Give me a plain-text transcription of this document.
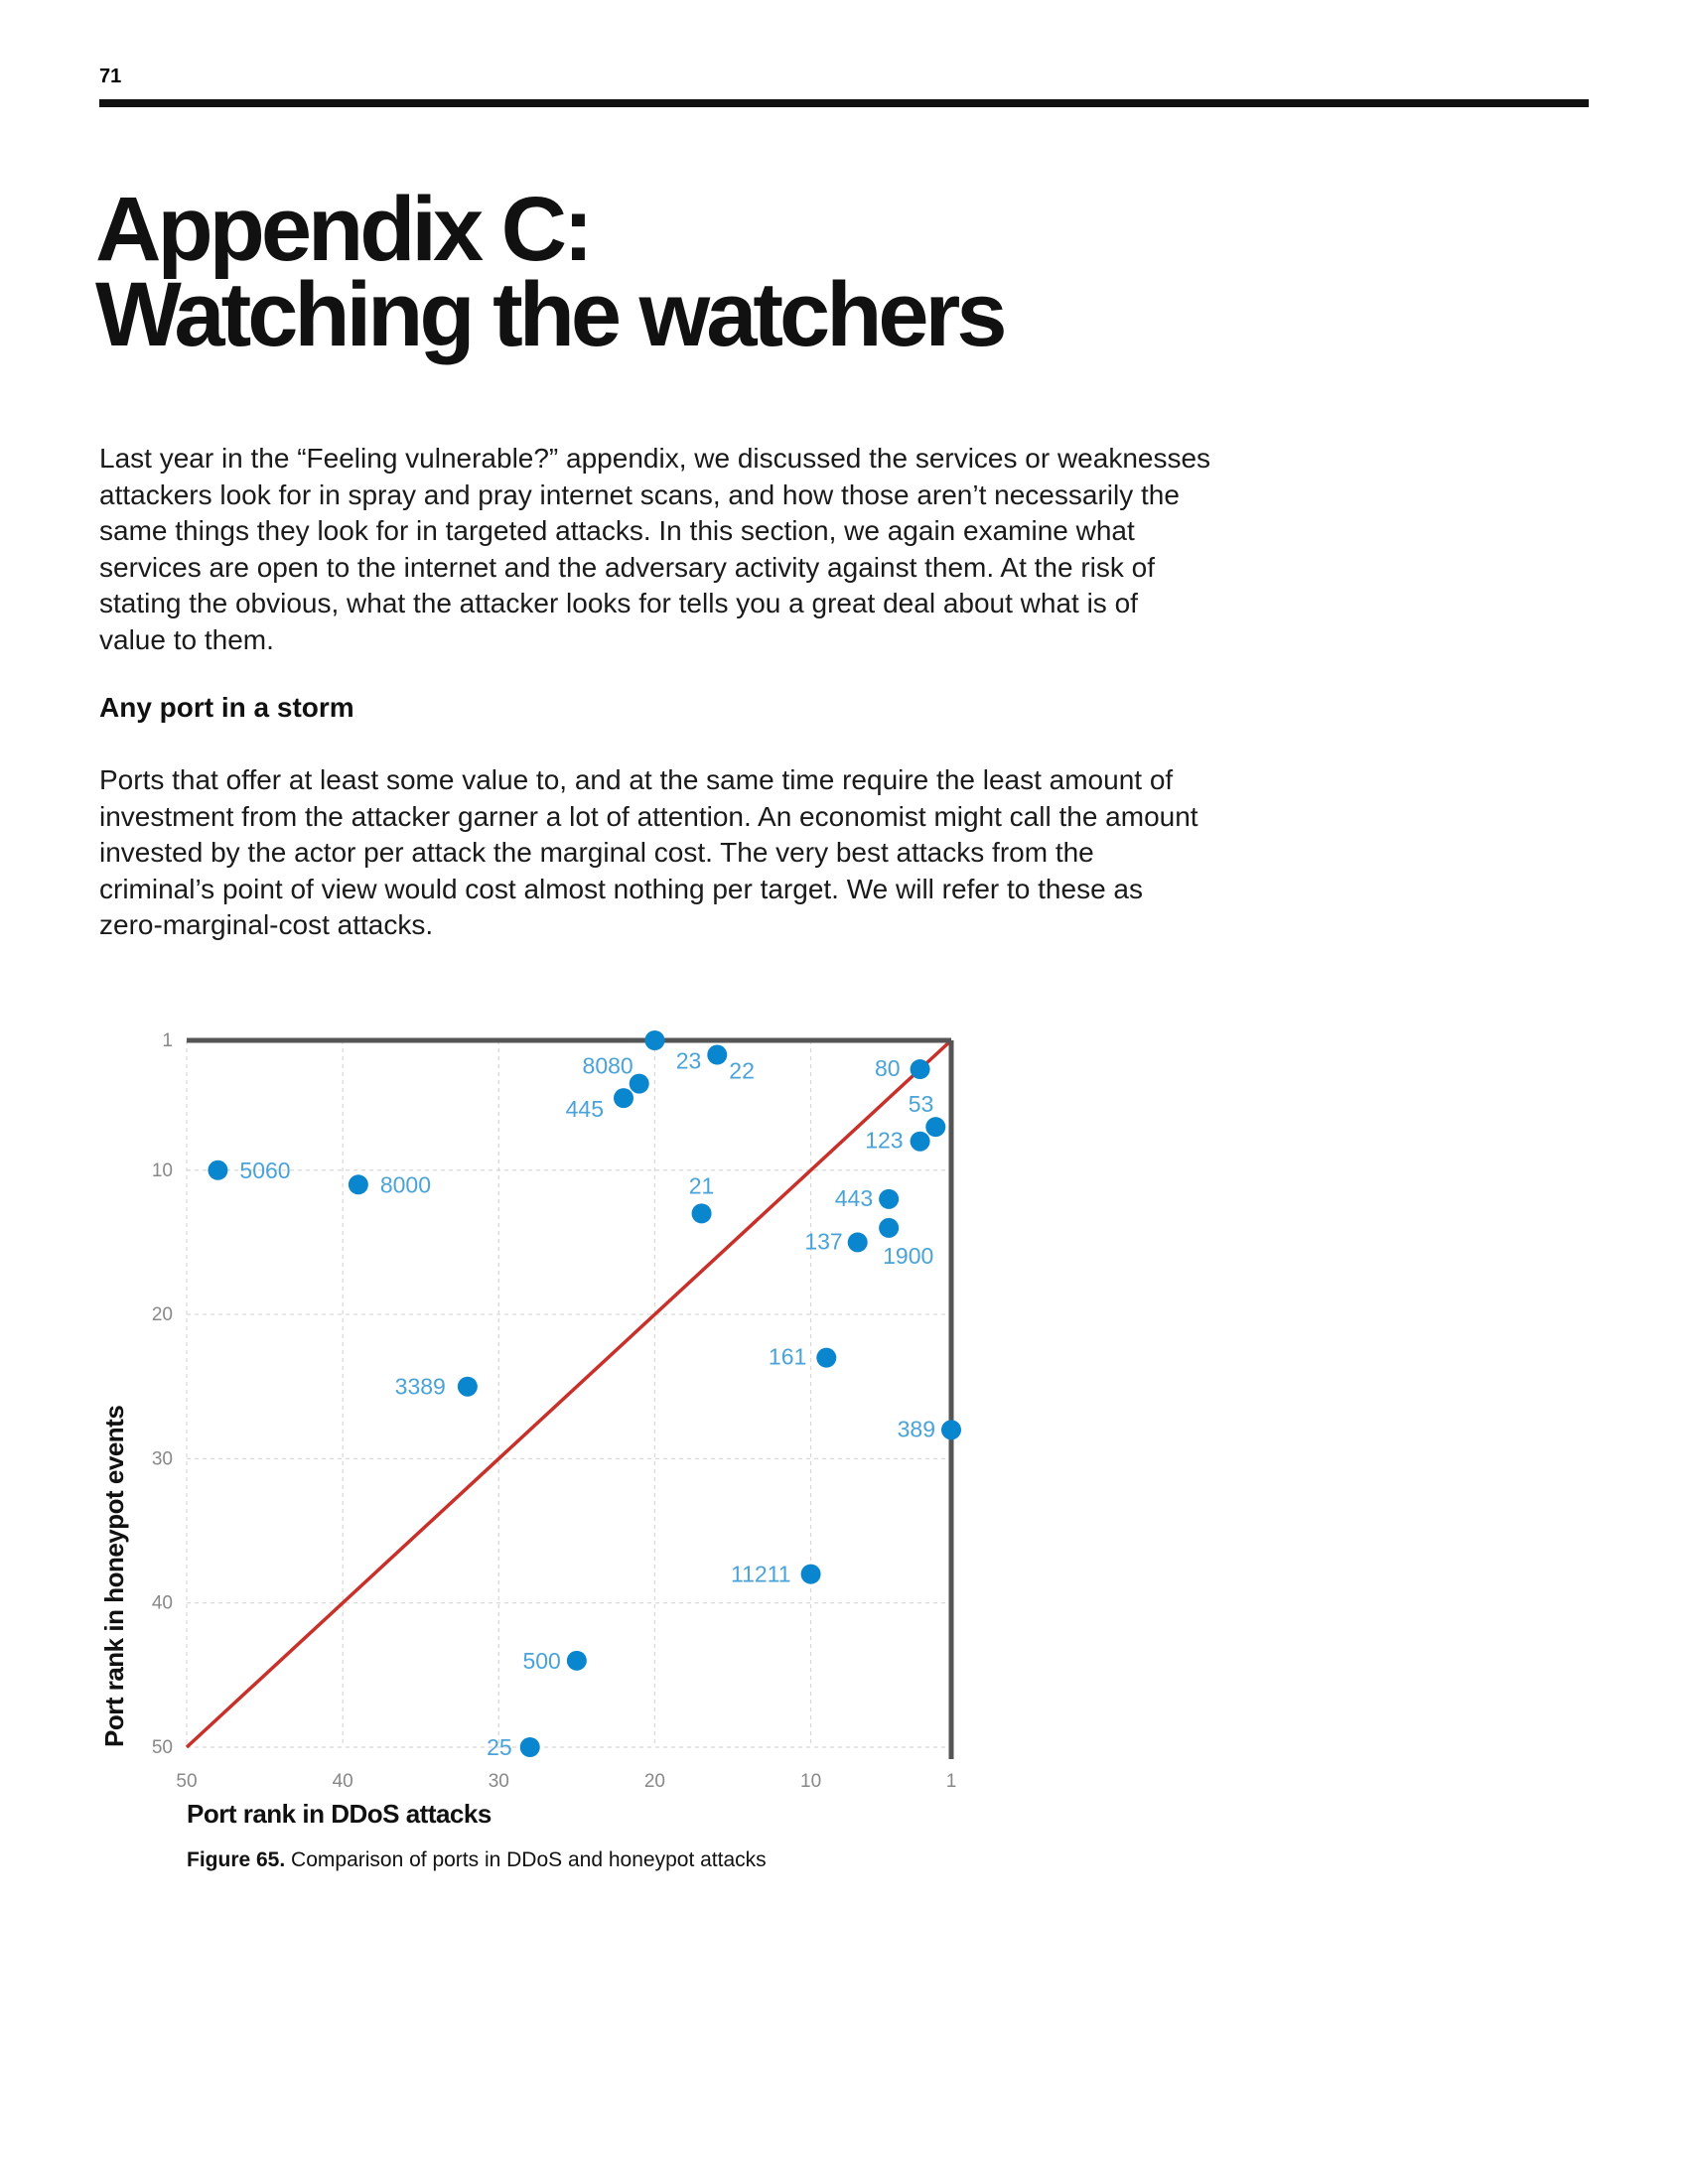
71
Appendix C:
Watching the watchers

Last year in the “Feeling vulnerable?” appendix, we discussed the services or weaknesses attackers look for in spray and pray internet scans, and how those aren’t necessarily the same things they look for in targeted attacks. In this section, we again examine what services are open to the internet and the adversary activity against them. At the risk of stating the obvious, what the attacker looks for tells you a great deal about what is of value to them.

Any port in a storm

Ports that offer at least some value to, and at the same time require the least amount of investment from the attacker garner a lot of attention. An economist might call the amount invested by the actor per attack the marginal cost. The very best attacks from the criminal’s point of view would cost almost nothing per target. We will refer to these as zero-marginal-cost attacks.

1
10
20
30
40
50
50	40	30	20	10	1
23 22
8080
445
80
53
123
5060
8000	21	443
1900
137
161
3389
389
11211
500
25
Port rank in DDoS attacks
Port rank in honeypot events

Figure 65. Comparison of ports in DDoS and honeypot attacks
